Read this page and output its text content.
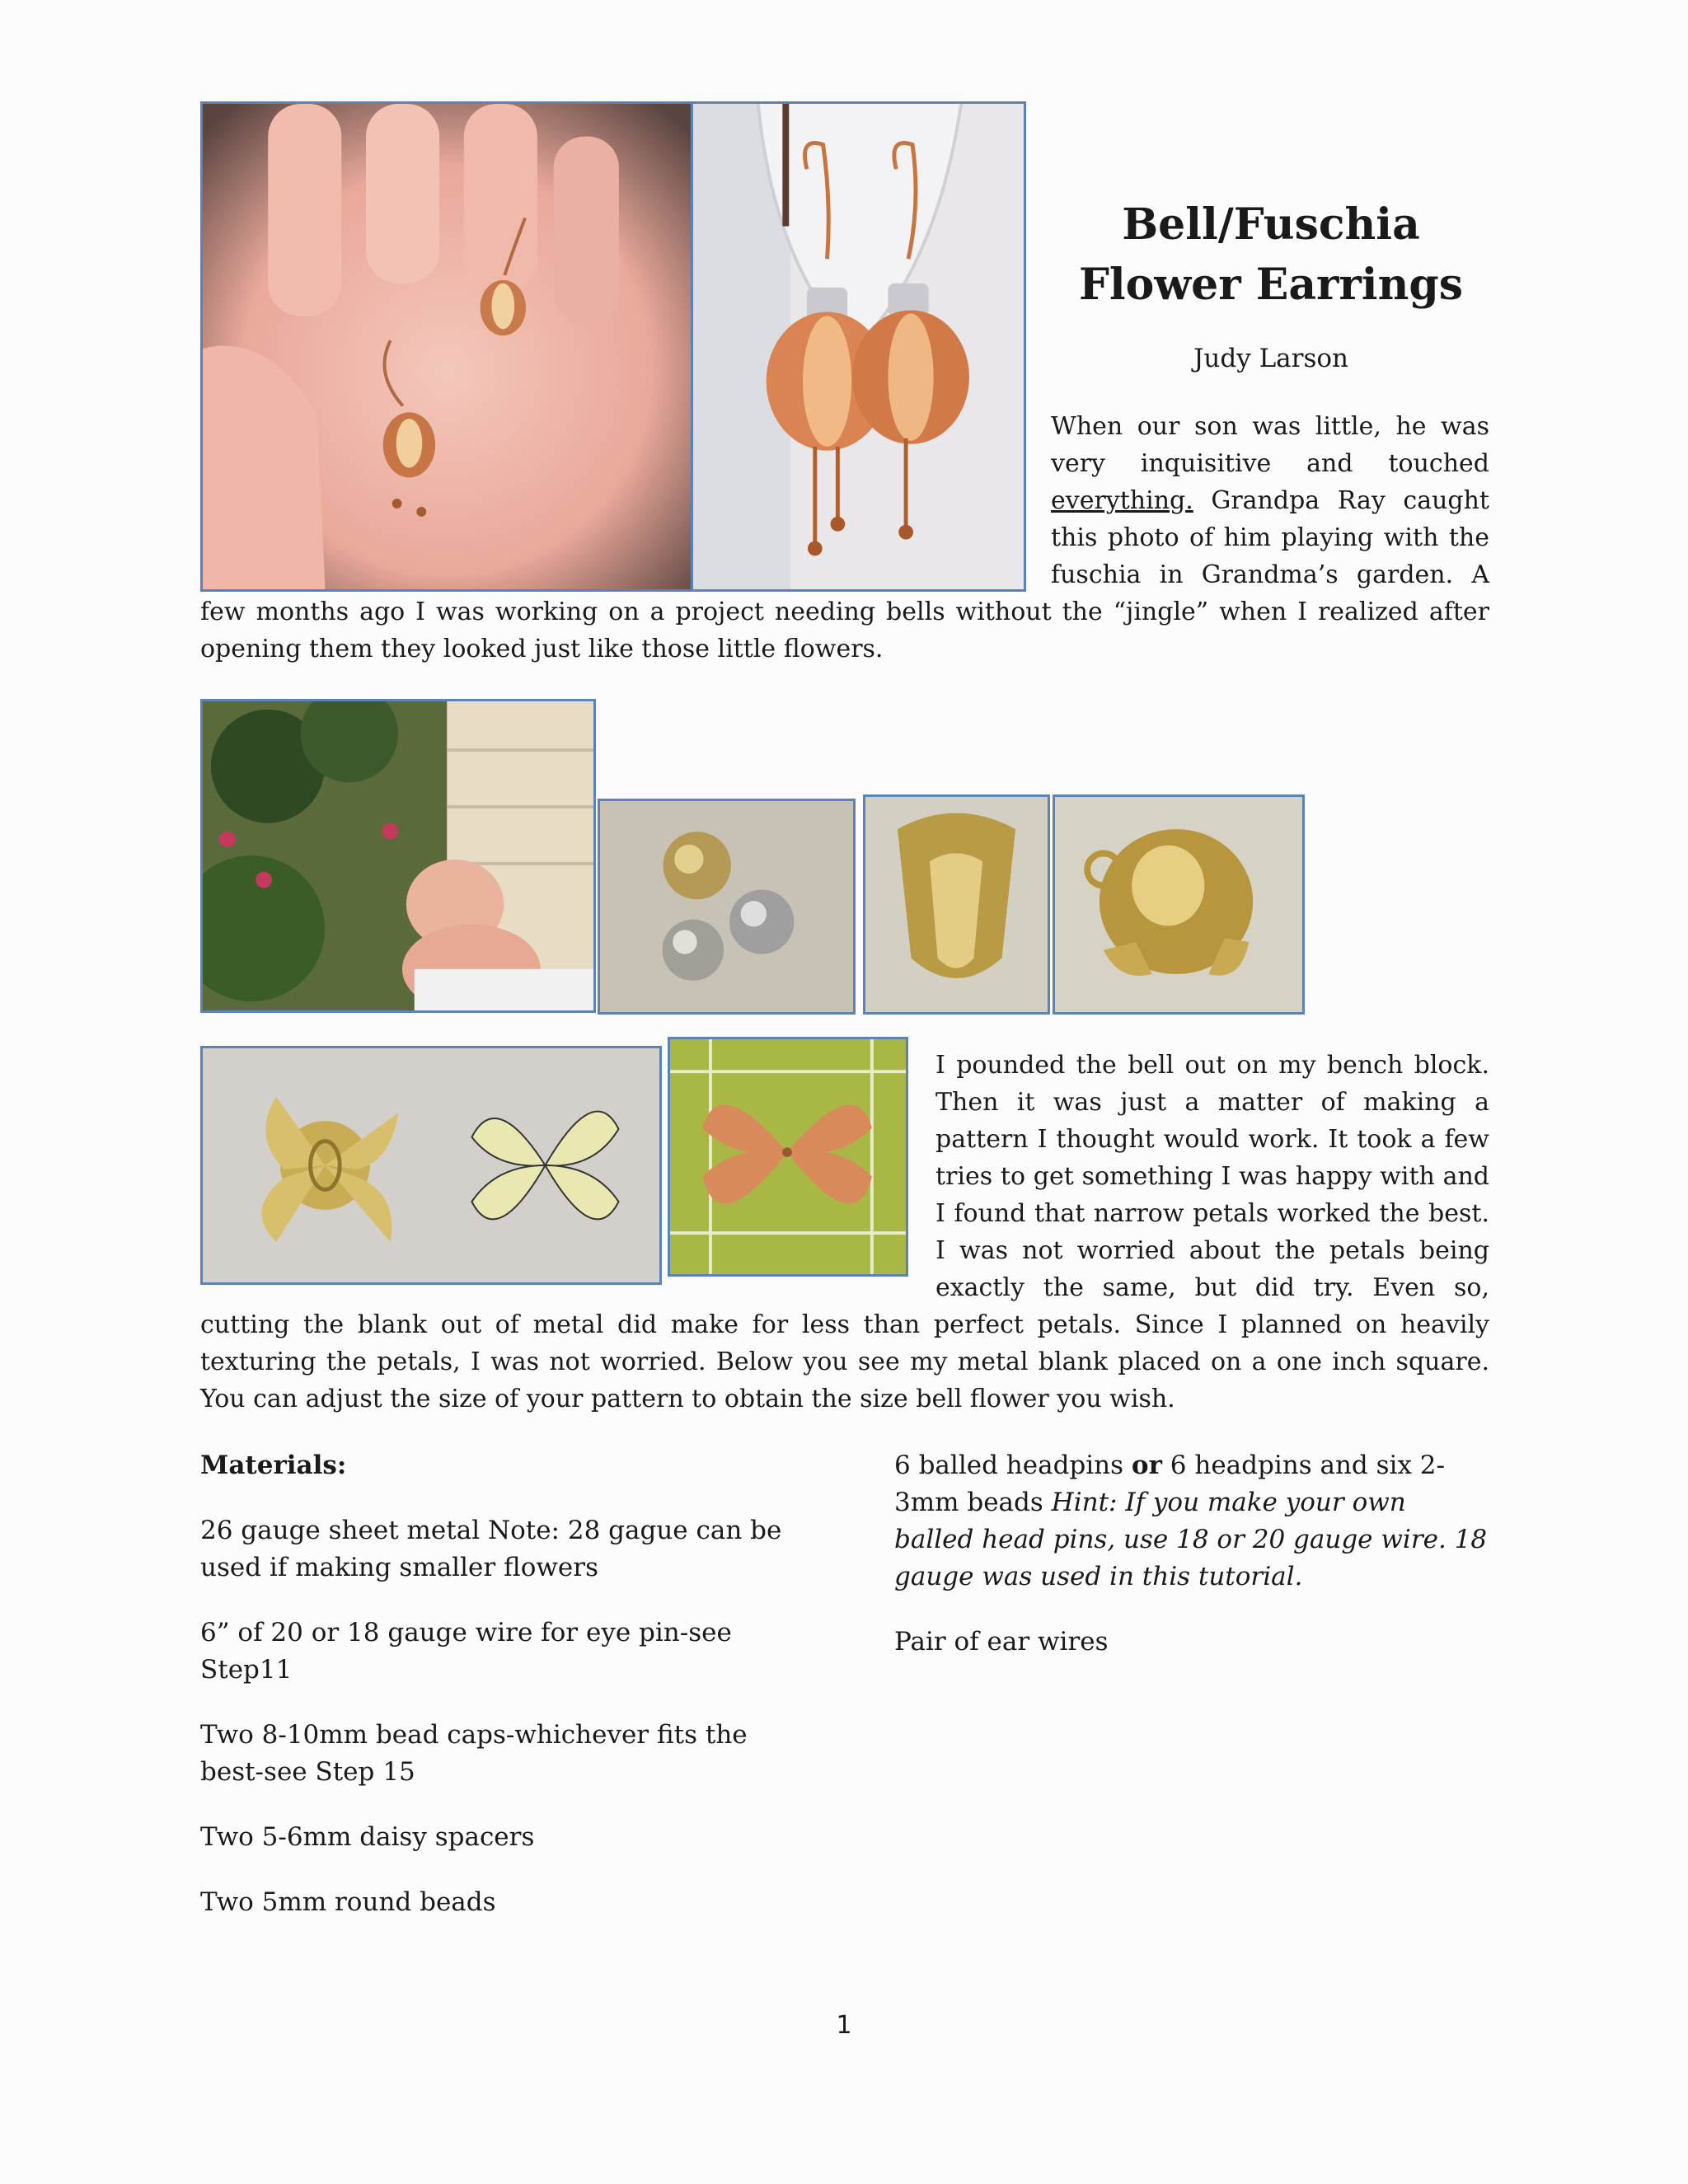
Bell/Fuschia Flower Earrings
Judy Larson

When our son was little, he was very inquisitive and touched everything. Grandpa Ray caught this photo of him playing with the fuschia in Grandma’s garden. A few months ago I was working on a project needing bells without the “jingle” when I realized after opening them they looked just like those little flowers.

I pounded the bell out on my bench block. Then it was just a matter of making a pattern I thought would work. It took a few tries to get something I was happy with and I found that narrow petals worked the best. I was not worried about the petals being exactly the same, but did try. Even so, cutting the blank out of metal did make for less than perfect petals. Since I planned on heavily texturing the petals, I was not worried. Below you see my metal blank placed on a one inch square. You can adjust the size of your pattern to obtain the size bell flower you wish.

Materials:

26 gauge sheet metal Note: 28 gague can be used if making smaller flowers

6” of 20 or 18 gauge wire for eye pin-see Step11

Two 8-10mm bead caps-whichever fits the best-see Step 15

Two 5-6mm daisy spacers

Two 5mm round beads

6 balled headpins or 6 headpins and six 2-3mm beads Hint: If you make your own balled head pins, use 18 or 20 gauge wire. 18 gauge was used in this tutorial.

Pair of ear wires

1
